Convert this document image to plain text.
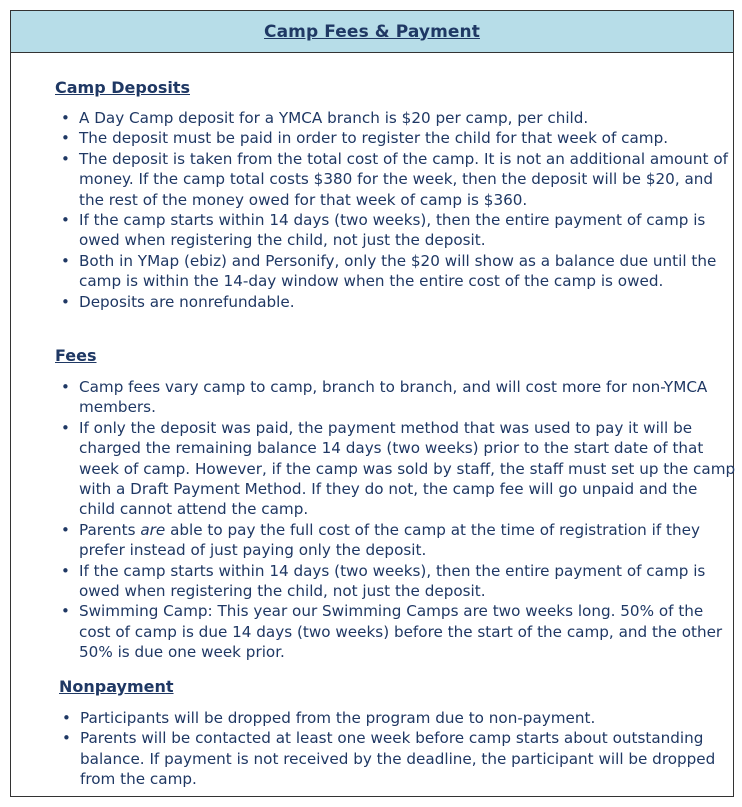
Camp Fees & Payment
Camp Deposits
• A Day Camp deposit for a YMCA branch is $20 per camp, per child.
• The deposit must be paid in order to register the child for that week of camp.
• The deposit is taken from the total cost of the camp. It is not an additional amount of money. If the camp total costs $380 for the week, then the deposit will be $20, and the rest of the money owed for that week of camp is $360.
• If the camp starts within 14 days (two weeks), then the entire payment of camp is owed when registering the child, not just the deposit.
• Both in YMap (ebiz) and Personify, only the $20 will show as a balance due until the camp is within the 14-day window when the entire cost of the camp is owed.
• Deposits are nonrefundable.
Fees
• Camp fees vary camp to camp, branch to branch, and will cost more for non-YMCA members.
• If only the deposit was paid, the payment method that was used to pay it will be charged the remaining balance 14 days (two weeks) prior to the start date of that week of camp. However, if the camp was sold by staff, the staff must set up the camp with a Draft Payment Method. If they do not, the camp fee will go unpaid and the child cannot attend the camp.
• Parents are able to pay the full cost of the camp at the time of registration if they prefer instead of just paying only the deposit.
• If the camp starts within 14 days (two weeks), then the entire payment of camp is owed when registering the child, not just the deposit.
• Swimming Camp: This year our Swimming Camps are two weeks long. 50% of the cost of camp is due 14 days (two weeks) before the start of the camp, and the other 50% is due one week prior.
Nonpayment
• Participants will be dropped from the program due to non-payment.
• Parents will be contacted at least one week before camp starts about outstanding balance. If payment is not received by the deadline, the participant will be dropped from the camp.
